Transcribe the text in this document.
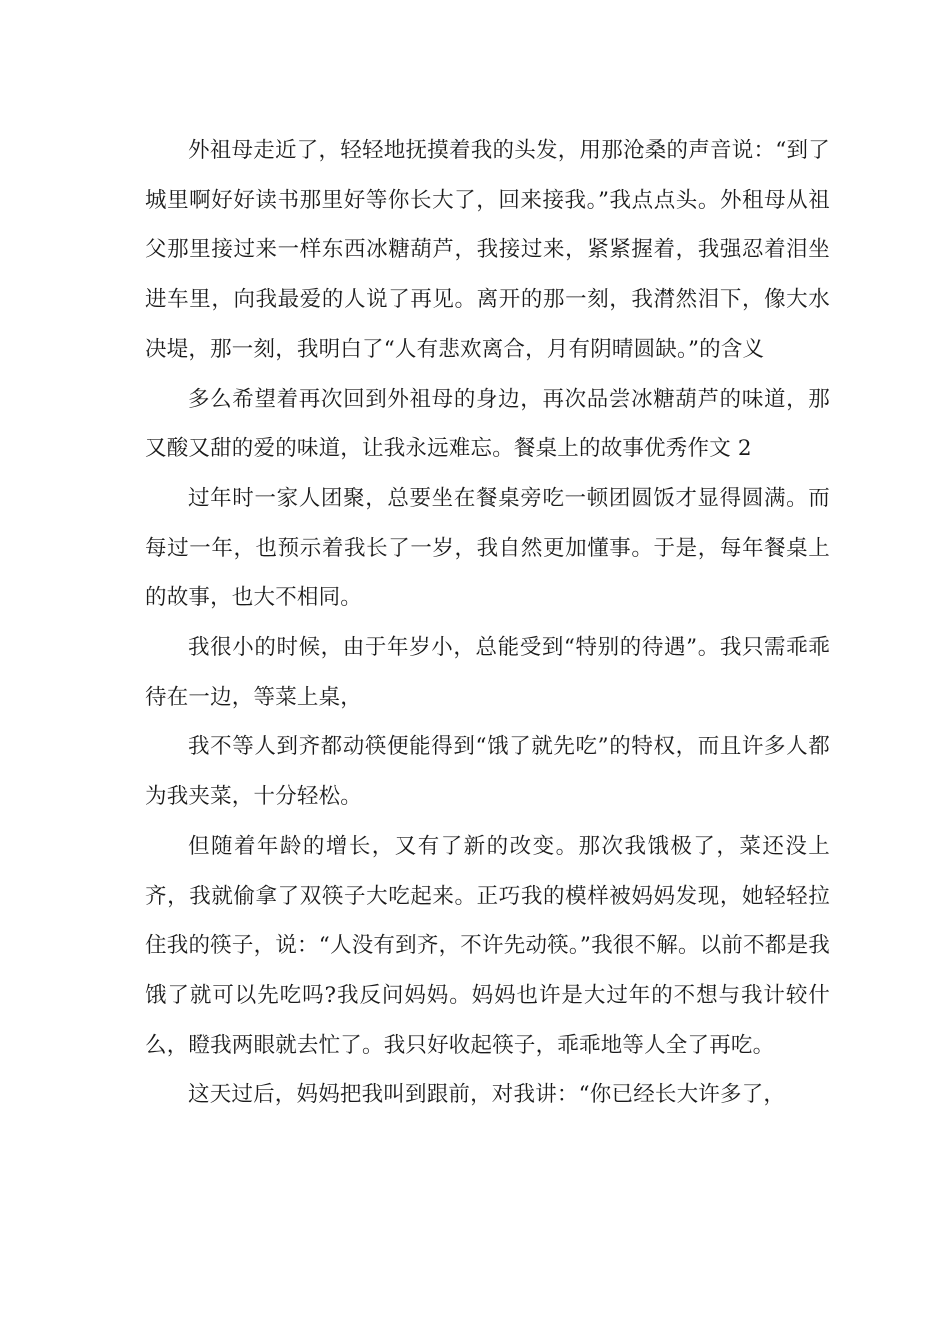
外祖母走近了，轻轻地抚摸着我的头发，用那沧桑的声音说：“到了城里啊好好读书那里好等你长大了，回来接我。”我点点头。外租母从祖父那里接过来一样东西冰糖葫芦，我接过来，紧紧握着，我强忍着泪坐进车里，向我最爱的人说了再见。离开的那一刻，我潸然泪下，像大水决堤，那一刻，我明白了“人有悲欢离合，月有阴晴圆缺。”的含义

多么希望着再次回到外祖母的身边，再次品尝冰糖葫芦的味道，那又酸又甜的爱的味道，让我永远难忘。餐桌上的故事优秀作文 2

过年时一家人团聚，总要坐在餐桌旁吃一顿团圆饭才显得圆满。而每过一年，也预示着我长了一岁，我自然更加懂事。于是，每年餐桌上的故事，也大不相同。

我很小的时候，由于年岁小，总能受到“特别的待遇”。我只需乖乖待在一边，等菜上桌，

我不等人到齐都动筷便能得到“饿了就先吃”的特权，而且许多人都为我夹菜，十分轻松。

但随着年龄的增长，又有了新的改变。那次我饿极了，菜还没上齐，我就偷拿了双筷子大吃起来。正巧我的模样被妈妈发现，她轻轻拉住我的筷子，说：“人没有到齐，不许先动筷。”我很不解。以前不都是我饿了就可以先吃吗?我反问妈妈。妈妈也许是大过年的不想与我计较什么，瞪我两眼就去忙了。我只好收起筷子，乖乖地等人全了再吃。

这天过后，妈妈把我叫到跟前，对我讲：“你已经长大许多了，
